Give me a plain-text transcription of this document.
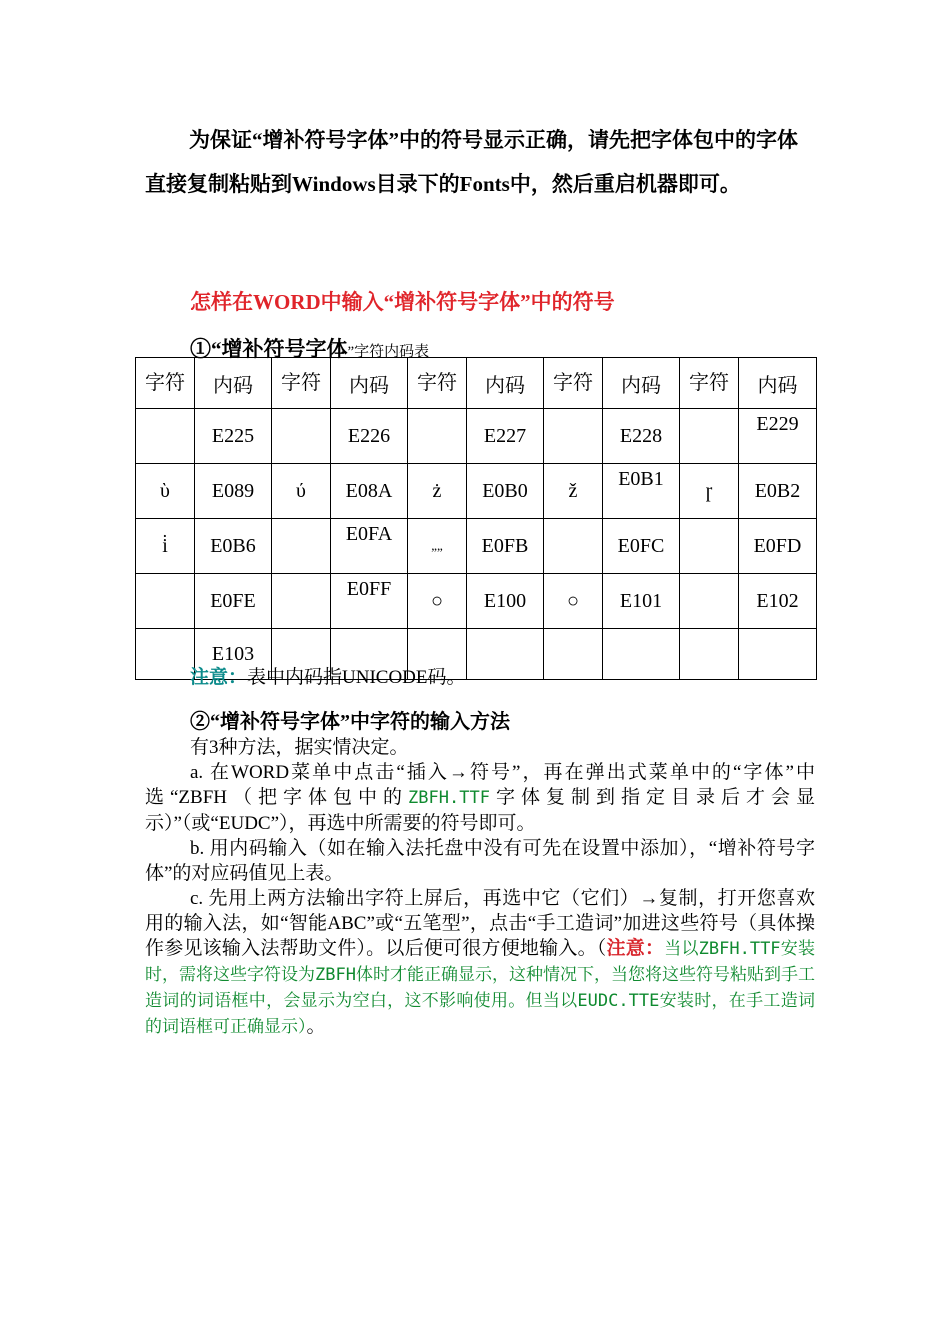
为保证“增补符号字体”中的符号显示正确，请先把字体包中的字体直接复制粘贴到Windows目录下的Fonts中，然后重启机器即可。
怎样在WORD中输入“增补符号字体”中的符号
①“增补符号字体”字符内码表
字符	内码	字符	内码	字符	内码	字符	内码	字符	内码
	E225		E226		E227		E228		E229
ὺ	E089	ύ	E08A	ż	E0B0	ž	E0B1	ɼ	E0B2
i̇	E0B6		E0FA	„„	E0FB		E0FC		E0FD
	E0FE		E0FF	○	E100	○	E101		E102
	E103								
注意：表中内码指UNICODE码。
②“增补符号字体”中字符的输入方法
有3种方法，据实情决定。
a. 在WORD菜单中点击“插入→符号”，再在弹出式菜单中的“字体”中选“ZBFH（把字体包中的ZBFH.TTF字体复制到指定目录后才会显示）”（或“EUDC”），再选中所需要的符号即可。
b. 用内码输入（如在输入法托盘中没有可先在设置中添加），“增补符号字体”的对应码值见上表。
c. 先用上两方法输出字符上屏后，再选中它（它们）→复制，打开您喜欢用的输入法，如“智能ABC”或“五笔型”，点击“手工造词”加进这些符号（具体操作参见该输入法帮助文件）。以后便可很方便地输入。（注意：当以ZBFH.TTF安装时，需将这些字符设为ZBFH体时才能正确显示，这种情况下，当您将这些符号粘贴到手工造词的词语框中，会显示为空白，这不影响使用。但当以EUDC.TTE安装时，在手工造词的词语框可正确显示）。
